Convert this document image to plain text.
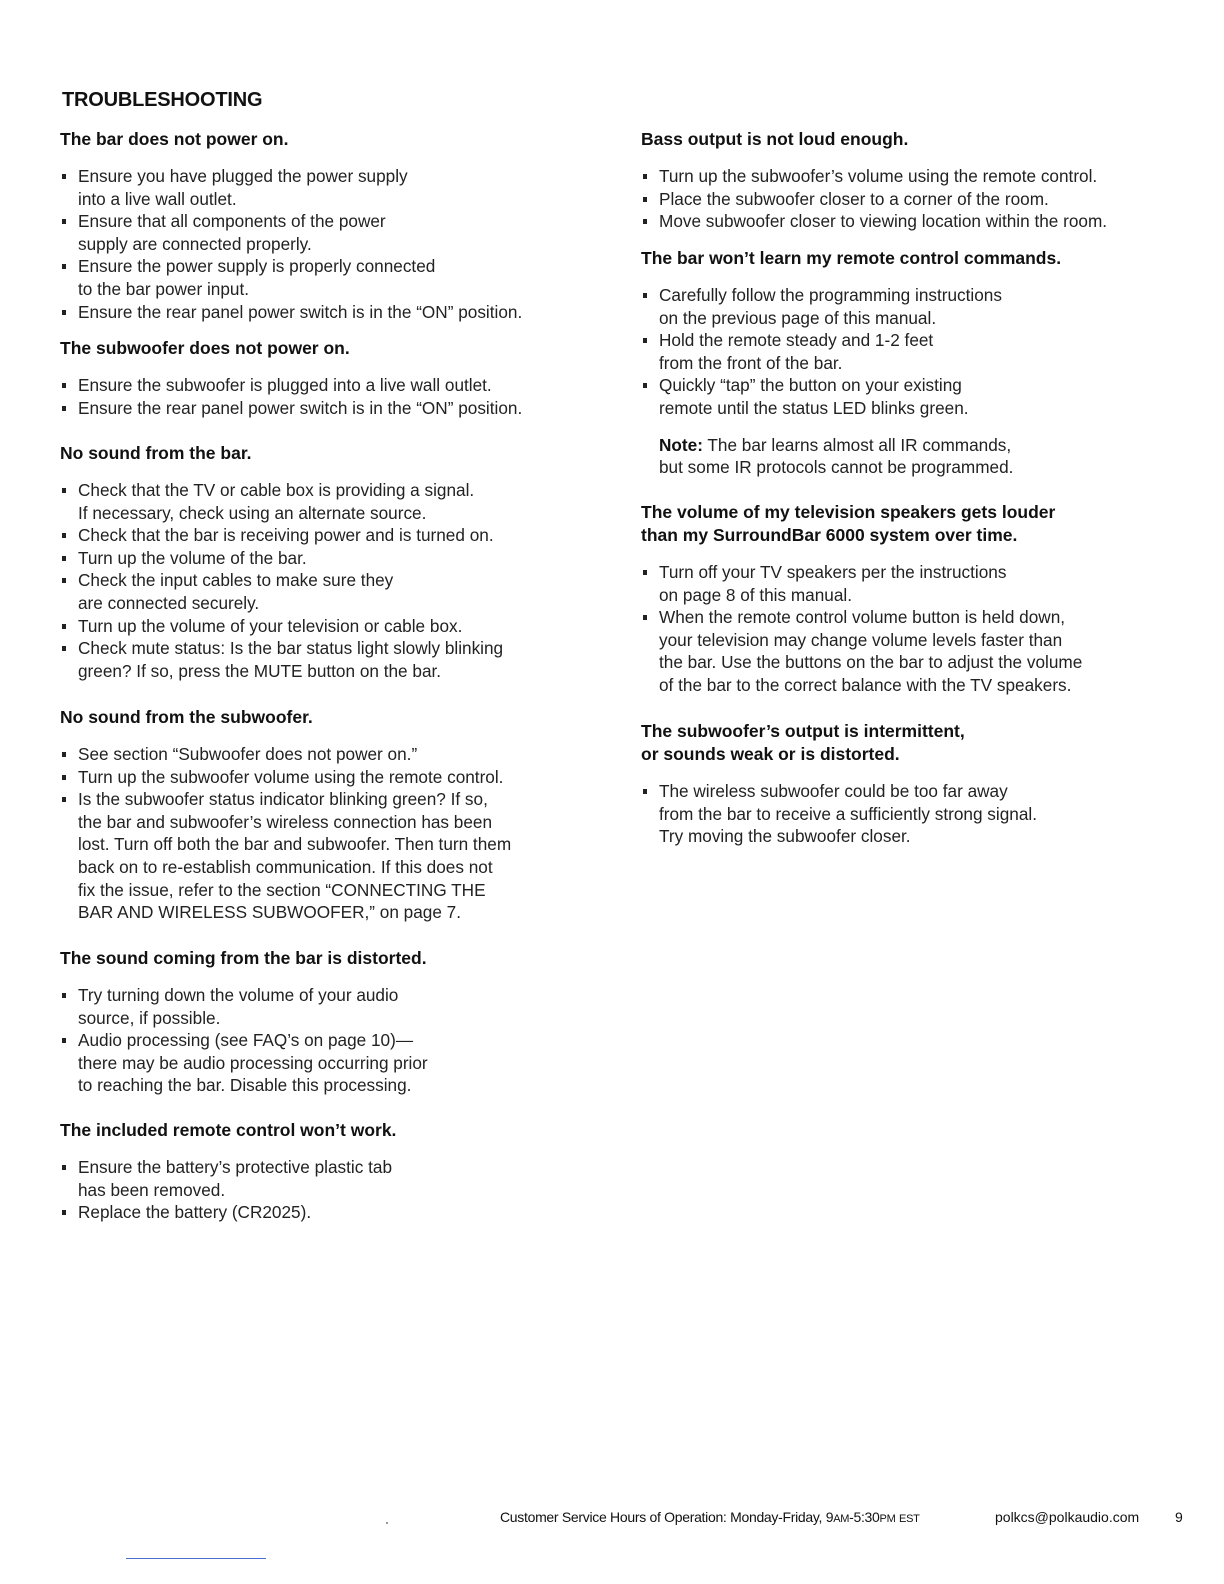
TROUBLESHOOTING
The bar does not power on.
Ensure you have plugged the power supply
into a live wall outlet.
Ensure that all components of the power
supply are connected properly.
Ensure the power supply is properly connected
to the bar power input.
Ensure the rear panel power switch is in the “ON” position.
The subwoofer does not power on.
Ensure the subwoofer is plugged into a live wall outlet.
Ensure the rear panel power switch is in the “ON” position.
No sound from the bar.
Check that the TV or cable box is providing a signal.
If necessary, check using an alternate source.
Check that the bar is receiving power and is turned on.
Turn up the volume of the bar.
Check the input cables to make sure they
are connected securely.
Turn up the volume of your television or cable box.
Check mute status: Is the bar status light slowly blinking
green? If so, press the MUTE button on the bar.
No sound from the subwoofer.
See section “Subwoofer does not power on.”
Turn up the subwoofer volume using the remote control.
Is the subwoofer status indicator blinking green? If so,
the bar and subwoofer’s wireless connection has been
lost. Turn off both the bar and subwoofer. Then turn them
back on to re-establish communication. If this does not
fix the issue, refer to the section “CONNECTING THE
BAR AND WIRELESS SUBWOOFER,” on page 7.
The sound coming from the bar is distorted.
Try turning down the volume of your audio
source, if possible.
Audio processing (see FAQ’s on page 10)—
there may be audio processing occurring prior
to reaching the bar. Disable this processing.
The included remote control won’t work.
Ensure the battery’s protective plastic tab
has been removed.
Replace the battery (CR2025).
Bass output is not loud enough.
Turn up the subwoofer’s volume using the remote control.
Place the subwoofer closer to a corner of the room.
Move subwoofer closer to viewing location within the room.
The bar won’t learn my remote control commands.
Carefully follow the programming instructions
on the previous page of this manual.
Hold the remote steady and 1-2 feet
from the front of the bar.
Quickly “tap” the button on your existing
remote until the status LED blinks green.
Note: The bar learns almost all IR commands,
but some IR protocols cannot be programmed.
The volume of my television speakers gets louder
than my SurroundBar 6000 system over time.
Turn off your TV speakers per the instructions
on page 8 of this manual.
When the remote control volume button is held down,
your television may change volume levels faster than
the bar. Use the buttons on the bar to adjust the volume
of the bar to the correct balance with the TV speakers.
The subwoofer’s output is intermittent,
or sounds weak or is distorted.
The wireless subwoofer could be too far away
from the bar to receive a sufficiently strong signal.
Try moving the subwoofer closer.
Customer Service Hours of Operation: Monday-Friday, 9AM-5:30PM EST	polkcs@polkaudio.com	9
